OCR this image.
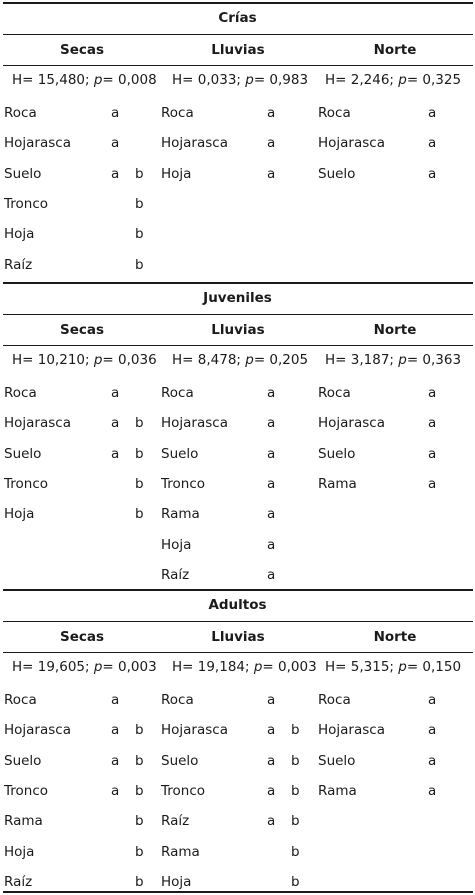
Crías
Secas
H= 15,480; p= 0,008
Roca	a
Hojarasca	a
Suelo	a b
Tronco	b
Hoja	b
Raíz	b
Lluvias
H= 0,033; p= 0,983
Roca	a
Hojarasca	a
Hoja	a
Norte
H= 2,246; p= 0,325
Roca	a
Hojarasca	a
Suelo	a
Juveniles
Secas
H= 10,210; p= 0,036
Roca	a
Hojarasca	a b
Suelo	a b
Tronco	b
Hoja	b
Lluvias
H= 8,478; p= 0,205
Roca	a
Hojarasca	a
Suelo	a
Tronco	a
Rama	a
Hoja	a
Raíz	a
Norte
H= 3,187; p= 0,363
Roca	a
Hojarasca	a
Suelo	a
Rama	a
Adultos
Secas
H= 19,605; p= 0,003
Roca	a
Hojarasca	a b
Suelo	a b
Tronco	a b
Rama	b
Hoja	b
Raíz	b
Lluvias
H= 19,184; p= 0,003
Roca	a
Hojarasca	a b
Suelo	a b
Tronco	a b
Raíz	a b
Rama	b
Hoja	b
Norte
H= 5,315; p= 0,150
Roca	a
Hojarasca	a
Suelo	a
Rama	a
